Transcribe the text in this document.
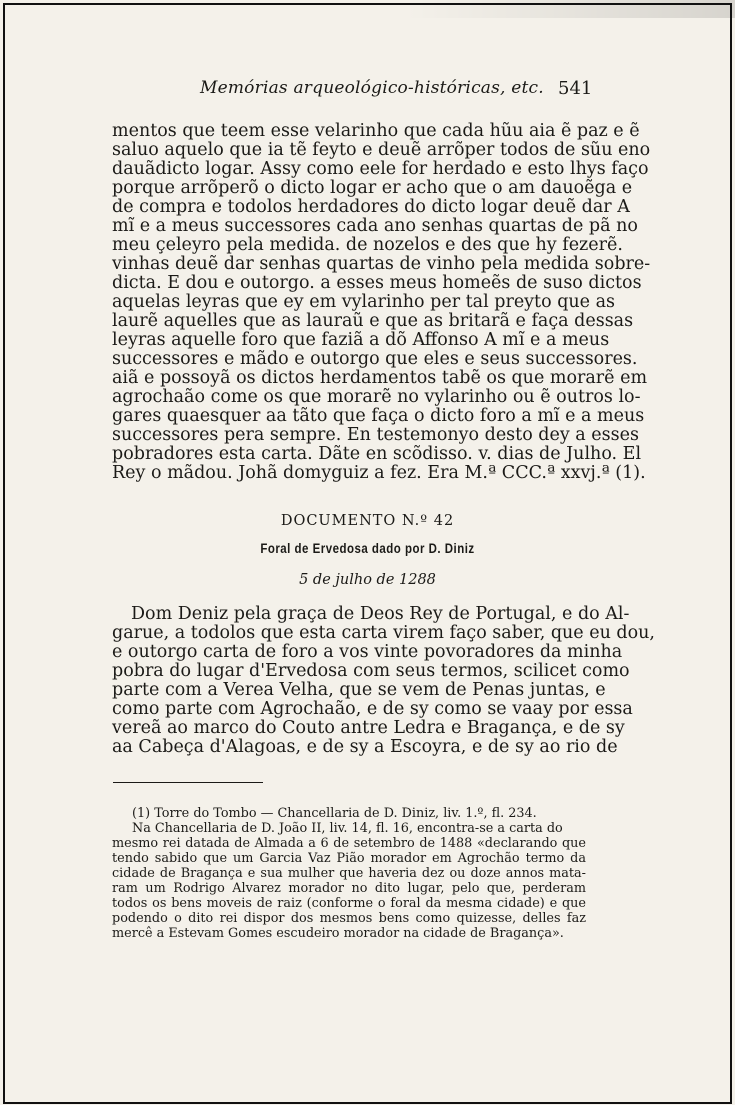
Memórias arqueológico-históricas, etc. 541
mentos que teem esse velarinho que cada hũu aia ẽ paz e ẽ
saluo aquelo que ia tẽ feyto e deuẽ arrõper todos de sũu eno
dauãdicto logar. Assy como eele for herdado e esto lhys faço
porque arrõperõ o dicto logar er acho que o am dauoẽga e
de compra e todolos herdadores do dicto logar deuẽ dar A
mĩ e a meus successores cada ano senhas quartas de pã no
meu çeleyro pela medida. de nozelos e des que hy fezerẽ.
vinhas deuẽ dar senhas quartas de vinho pela medida sobre-
dicta. E dou e outorgo. a esses meus homeẽs de suso dictos
aquelas leyras que ey em vylarinho per tal preyto que as
laurẽ aquelles que as lauraũ e que as britarã e faça dessas
leyras aquelle foro que faziã a dõ Affonso A mĩ e a meus
successores e mãdo e outorgo que eles e seus successores.
aiã e possoyã os dictos herdamentos tabẽ os que morarẽ em
agrochaão come os que morarẽ no vylarinho ou ẽ outros lo-
gares quaesquer aa tãto que faça o dicto foro a mĩ e a meus
successores pera sempre. En testemonyo desto dey a esses
pobradores esta carta. Dãte en scõdisso. v. dias de Julho. El
Rey o mãdou. Johã domyguiz a fez. Era M.ª CCC.ª xxvj.ª (1).
DOCUMENTO N.º 42
Foral de Ervedosa dado por D. Diniz
5 de julho de 1288
Dom Deniz pela graça de Deos Rey de Portugal, e do Al-
garue, a todolos que esta carta virem faço saber, que eu dou,
e outorgo carta de foro a vos vinte povoradores da minha
pobra do lugar d'Ervedosa com seus termos, scilicet como
parte com a Verea Velha, que se vem de Penas juntas, e
como parte com Agrochaão, e de sy como se vaay por essa
vereã ao marco do Couto antre Ledra e Bragança, e de sy
aa Cabeça d'Alagoas, e de sy a Escoyra, e de sy ao rio de
(1) Torre do Tombo — Chancellaria de D. Diniz, liv. 1.º, fl. 234.
Na Chancellaria de D. João II, liv. 14, fl. 16, encontra-se a carta do
mesmo rei datada de Almada a 6 de setembro de 1488 «declarando que
tendo sabido que um Garcia Vaz Pião morador em Agrochão termo da
cidade de Bragança e sua mulher que haveria dez ou doze annos mata-
ram um Rodrigo Alvarez morador no dito lugar, pelo que, perderam
todos os bens moveis de raiz (conforme o foral da mesma cidade) e que
podendo o dito rei dispor dos mesmos bens como quizesse, delles faz
mercê a Estevam Gomes escudeiro morador na cidade de Bragança».
